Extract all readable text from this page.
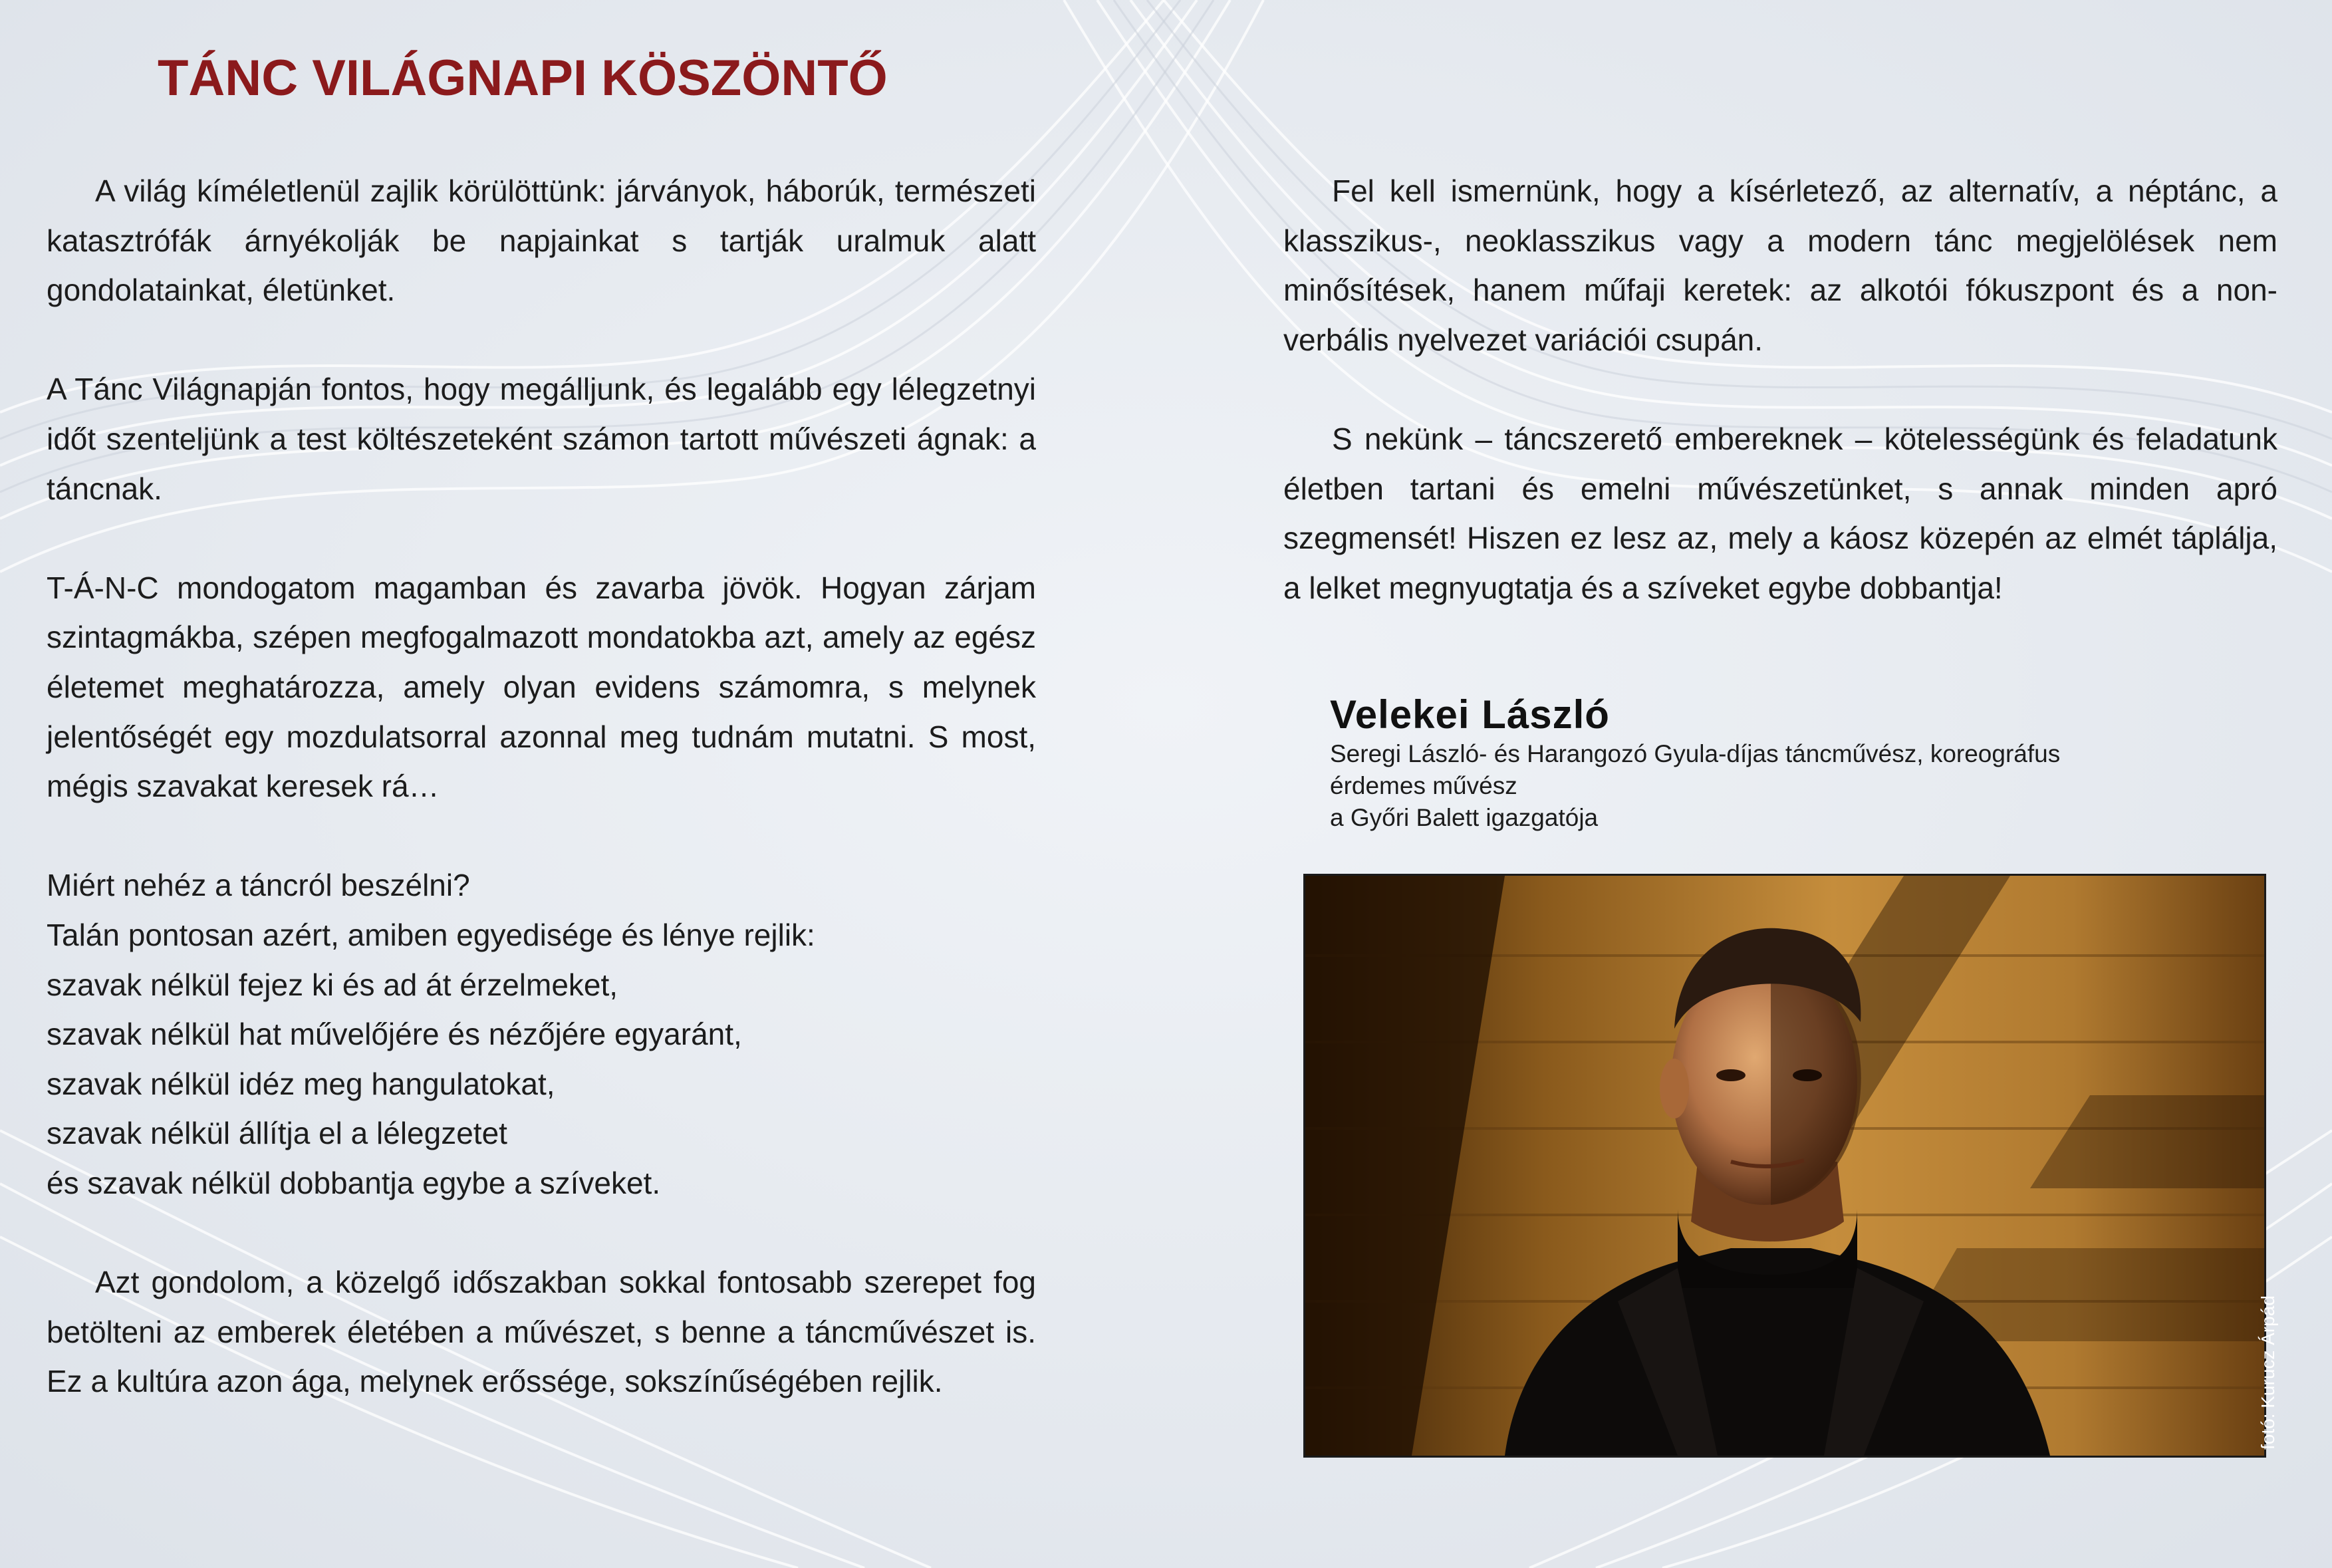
TÁNC VILÁGNAPI KÖSZÖNTŐ

A világ kíméletlenül zajlik körülöttünk: járványok, háborúk, természeti katasztrófák árnyékolják be napjainkat s tartják uralmuk alatt gondolatainkat, életünket.

A Tánc Világnapján fontos, hogy megálljunk, és legalább egy lélegzetnyi időt szenteljünk a test költészeteként számon tartott művészeti ágnak: a táncnak.

T-Á-N-C mondogatom magamban és zavarba jövök. Hogyan zárjam szintagmákba, szépen megfogalmazott mondatokba azt, amely az egész életemet meghatározza, amely olyan evidens számomra, s melynek jelentőségét egy mozdulatsorral azonnal meg tudnám mutatni. S most, mégis szavakat keresek rá…

Miért nehéz a táncról beszélni?

Talán pontosan azért, amiben egyedisége és lénye rejlik:

szavak nélkül fejez ki és ad át érzelmeket,

szavak nélkül hat művelőjére és nézőjére egyaránt,

szavak nélkül idéz meg hangulatokat,

szavak nélkül állítja el a lélegzetet

és szavak nélkül dobbantja egybe a szíveket.

Azt gondolom, a közelgő időszakban sokkal fontosabb szerepet fog betölteni az emberek életében a művészet, s benne a táncművészet is. Ez a kultúra azon ága, melynek erőssége, sokszínűségében rejlik.

Fel kell ismernünk, hogy a kísérletező, az alternatív, a néptánc, a klasszikus-, neoklasszikus vagy a modern tánc megjelölések nem minősítések, hanem műfaji keretek: az alkotói fókuszpont és a nonverbális nyelvezet variációi csupán.

S nekünk – táncszerető embereknek – kötelességünk és feladatunk életben tartani és emelni művészetünket, s annak minden apró szegmensét! Hiszen ez lesz az, mely a káosz közepén az elmét táplálja, a lelket megnyugtatja és a szíveket egybe dobbantja!

Velekei László

Seregi László- és Harangozó Gyula-díjas táncművész, koreográfus

érdemes művész

a Győri Balett igazgatója

fotó: Kurucz Árpád
